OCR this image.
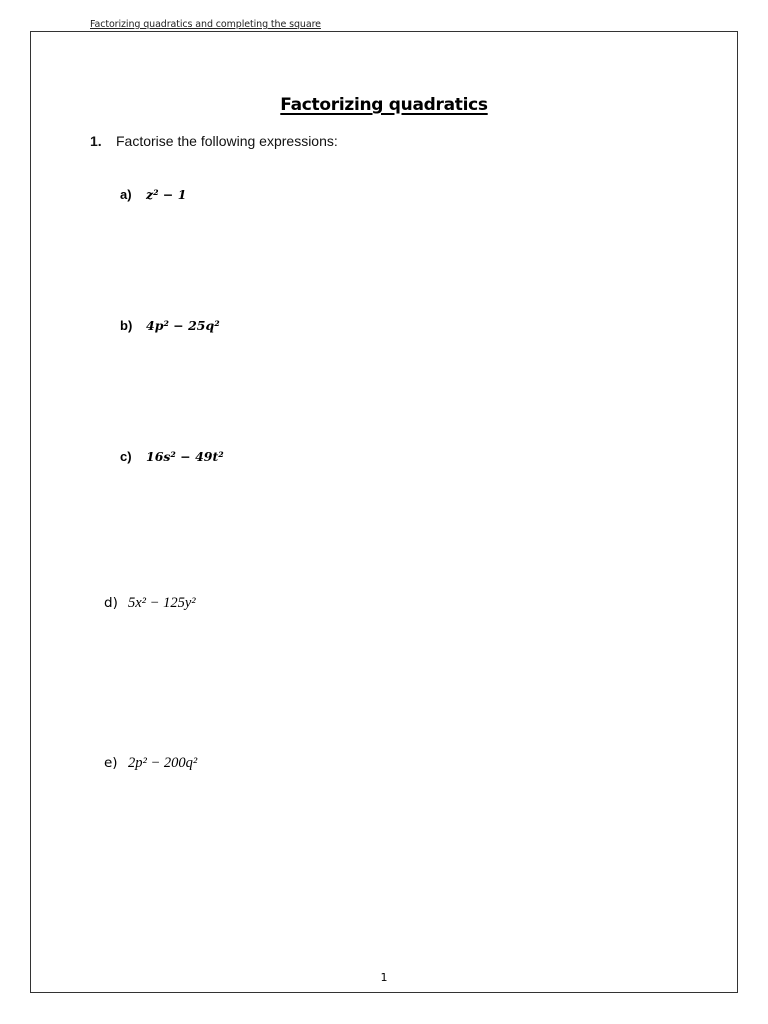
Factorizing quadratics and completing the square
Factorizing quadratics
1. Factorise the following expressions:
a) z² − 1
b) 4p² − 25q²
c) 16s² − 49t²
d) 5x² − 125y²
e) 2p² − 200q²
1
